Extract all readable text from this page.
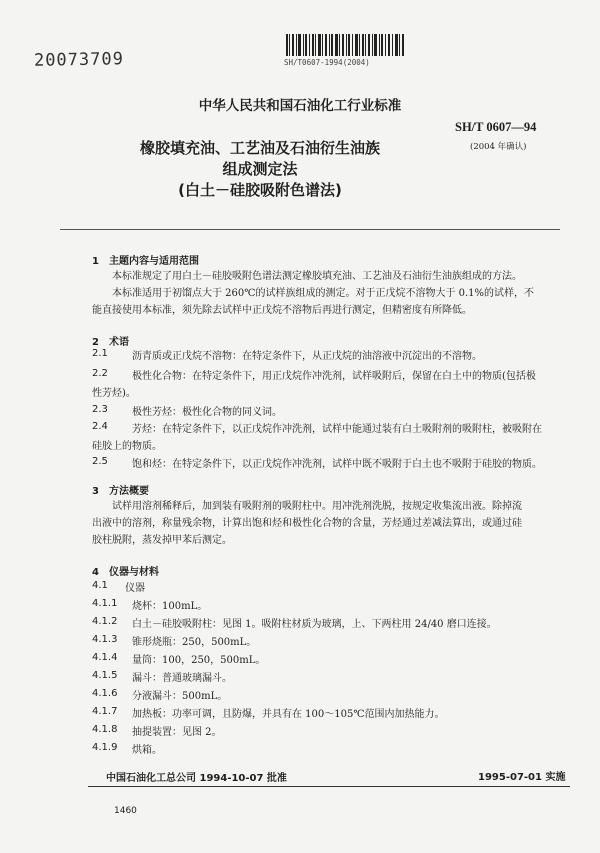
20073709	SH/T0607-1994(2004)
中华人民共和国石油化工行业标准
SH/T 0607—94
(2004 年确认)
橡胶填充油、工艺油及石油衍生油族
组成测定法
(白土－硅胶吸附色谱法)
1　主题内容与适用范围
本标准规定了用白土－硅胶吸附色谱法测定橡胶填充油、工艺油及石油衍生油族组成的方法。
本标准适用于初馏点大于 260℃的试样族组成的测定。对于正戊烷不溶物大于 0.1%的试样，不
能直接使用本标准，须先除去试样中正戊烷不溶物后再进行测定，但精密度有所降低。
2　术语
2.1 沥青质或正戊烷不溶物：在特定条件下，从正戊烷的油溶液中沉淀出的不溶物。
2.2 极性化合物：在特定条件下，用正戊烷作冲洗剂，试样吸附后，保留在白土中的物质(包括极
性芳烃)。
2.3 极性芳烃：极性化合物的同义词。
2.4 芳烃：在特定条件下，以正戊烷作冲洗剂，试样中能通过装有白土吸附剂的吸附柱，被吸附在
硅胶上的物质。
2.5 饱和烃：在特定条件下，以正戊烷作冲洗剂，试样中既不吸附于白土也不吸附于硅胶的物质。
3　方法概要
试样用溶剂稀释后，加到装有吸附剂的吸附柱中。用冲洗剂洗脱，按规定收集流出液。除掉流
出液中的溶剂，称量残余物，计算出饱和烃和极性化合物的含量，芳烃通过差减法算出，或通过硅
胶柱脱附，蒸发掉甲苯后测定。
4　仪器与材料
4.1 仪器
4.1.1 烧杯：100mL。
4.1.2 白土－硅胶吸附柱：见图 1。吸附柱材质为玻璃，上、下两柱用 24/40 磨口连接。
4.1.3 锥形烧瓶：250，500mL。
4.1.4 量筒：100，250，500mL。
4.1.5 漏斗：普通玻璃漏斗。
4.1.6 分液漏斗：500mL。
4.1.7 加热板：功率可调，且防爆，并具有在 100～105℃范围内加热能力。
4.1.8 抽提装置：见图 2。
4.1.9 烘箱。
中国石油化工总公司 1994-10-07 批准	1995-07-01 实施
1460
